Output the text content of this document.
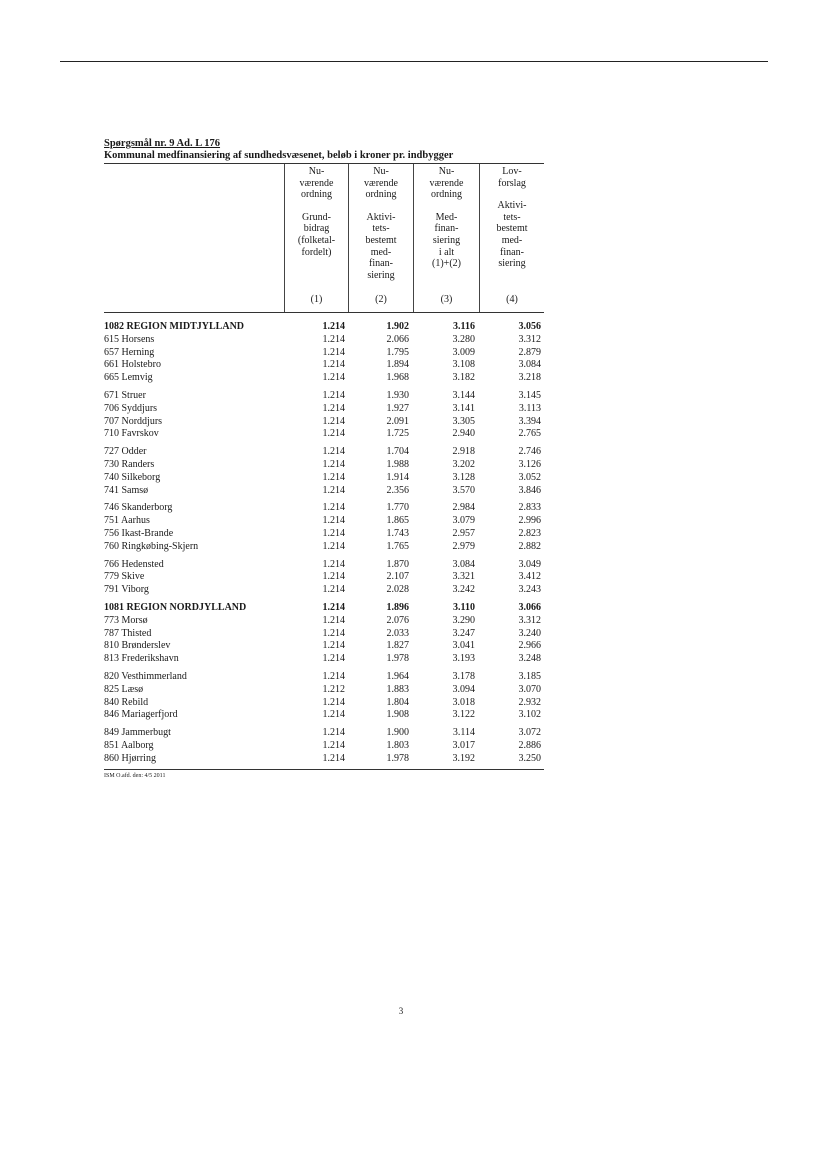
Spørgsmål nr. 9 Ad. L 176
Kommunal medfinansiering af sundhedsvæsenet, beløb i kroner pr. indbygger
Nu-
værende
ordning
Grund-
bidrag
(folketal-
fordelt)
(1)
Nu-
værende
ordning
Aktivi-
tets-
bestemt
med-
finan-
siering
(2)
Nu-
værende
ordning
Med-
finan-
siering
i alt
(1)+(2)
(3)
Lov-
forslag
Aktivi-
tets-
bestemt
med-
finan-
siering
(4)
1082 REGION MIDTJYLLAND	1.214	1.902	3.116	3.056
615 Horsens	1.214	2.066	3.280	3.312
657 Herning	1.214	1.795	3.009	2.879
661 Holstebro	1.214	1.894	3.108	3.084
665 Lemvig	1.214	1.968	3.182	3.218
671 Struer	1.214	1.930	3.144	3.145
706 Syddjurs	1.214	1.927	3.141	3.113
707 Norddjurs	1.214	2.091	3.305	3.394
710 Favrskov	1.214	1.725	2.940	2.765
727 Odder	1.214	1.704	2.918	2.746
730 Randers	1.214	1.988	3.202	3.126
740 Silkeborg	1.214	1.914	3.128	3.052
741 Samsø	1.214	2.356	3.570	3.846
746 Skanderborg	1.214	1.770	2.984	2.833
751 Aarhus	1.214	1.865	3.079	2.996
756 Ikast-Brande	1.214	1.743	2.957	2.823
760 Ringkøbing-Skjern	1.214	1.765	2.979	2.882
766 Hedensted	1.214	1.870	3.084	3.049
779 Skive	1.214	2.107	3.321	3.412
791 Viborg	1.214	2.028	3.242	3.243
1081 REGION NORDJYLLAND	1.214	1.896	3.110	3.066
773 Morsø	1.214	2.076	3.290	3.312
787 Thisted	1.214	2.033	3.247	3.240
810 Brønderslev	1.214	1.827	3.041	2.966
813 Frederikshavn	1.214	1.978	3.193	3.248
820 Vesthimmerland	1.214	1.964	3.178	3.185
825 Læsø	1.212	1.883	3.094	3.070
840 Rebild	1.214	1.804	3.018	2.932
846 Mariagerfjord	1.214	1.908	3.122	3.102
849 Jammerbugt	1.214	1.900	3.114	3.072
851 Aalborg	1.214	1.803	3.017	2.886
860 Hjørring	1.214	1.978	3.192	3.250
ISM O.afd. den: 4/5 2011
3
